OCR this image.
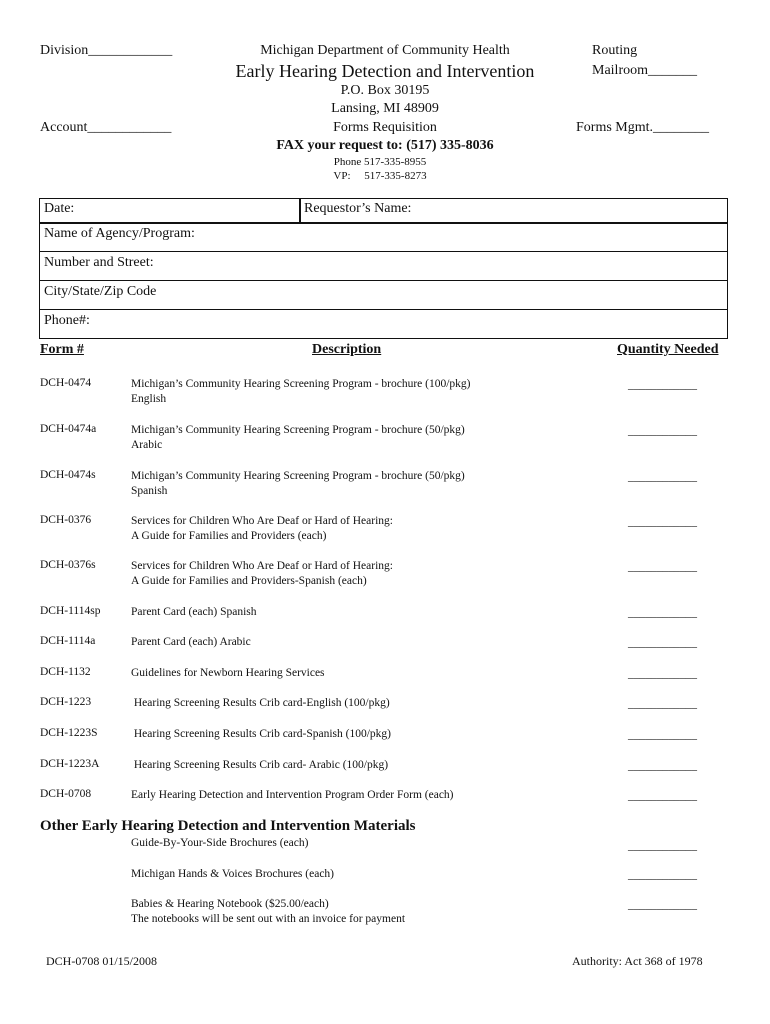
Division____________
Account____________
Michigan Department of Community Health
Early Hearing Detection and Intervention
P.O. Box 30195
Lansing, MI 48909
Forms Requisition
FAX your request to: (517) 335-8036
Phone 517-335-8955
VP:     517-335-8273
Routing
Mailroom_______
Forms Mgmt.________
Date:	Requestor’s Name:
Name of Agency/Program:
Number and Street:
City/State/Zip Code
Phone#:
Form #	Description	Quantity Needed
DCH-0474	Michigan’s Community Hearing Screening Program - brochure (100/pkg)
English
____________
DCH-0474a	Michigan’s Community Hearing Screening Program - brochure (50/pkg)
Arabic
____________
DCH-0474s	Michigan’s Community Hearing Screening Program - brochure (50/pkg)
Spanish
____________
DCH-0376	Services for Children Who Are Deaf or Hard of Hearing:
A Guide for Families and Providers (each)
____________
DCH-0376s	Services for Children Who Are Deaf or Hard of Hearing:
A Guide for Families and Providers-Spanish (each)
____________
DCH-1114sp	Parent Card (each) Spanish	____________
DCH-1114a	Parent Card (each) Arabic	____________
DCH-1132	Guidelines for Newborn Hearing Services	____________
DCH-1223	Hearing Screening Results Crib card-English (100/pkg)	____________
DCH-1223S	Hearing Screening Results Crib card-Spanish (100/pkg)	____________
DCH-1223A	Hearing Screening Results Crib card- Arabic (100/pkg)	____________
DCH-0708	Early Hearing Detection and Intervention Program Order Form (each)	____________
Other Early Hearing Detection and Intervention Materials
Guide-By-Your-Side Brochures (each)	____________
Michigan Hands & Voices Brochures (each)	____________
Babies & Hearing Notebook ($25.00/each)
The notebooks will be sent out with an invoice for payment
____________
DCH-0708 01/15/2008	Authority: Act 368 of 1978
